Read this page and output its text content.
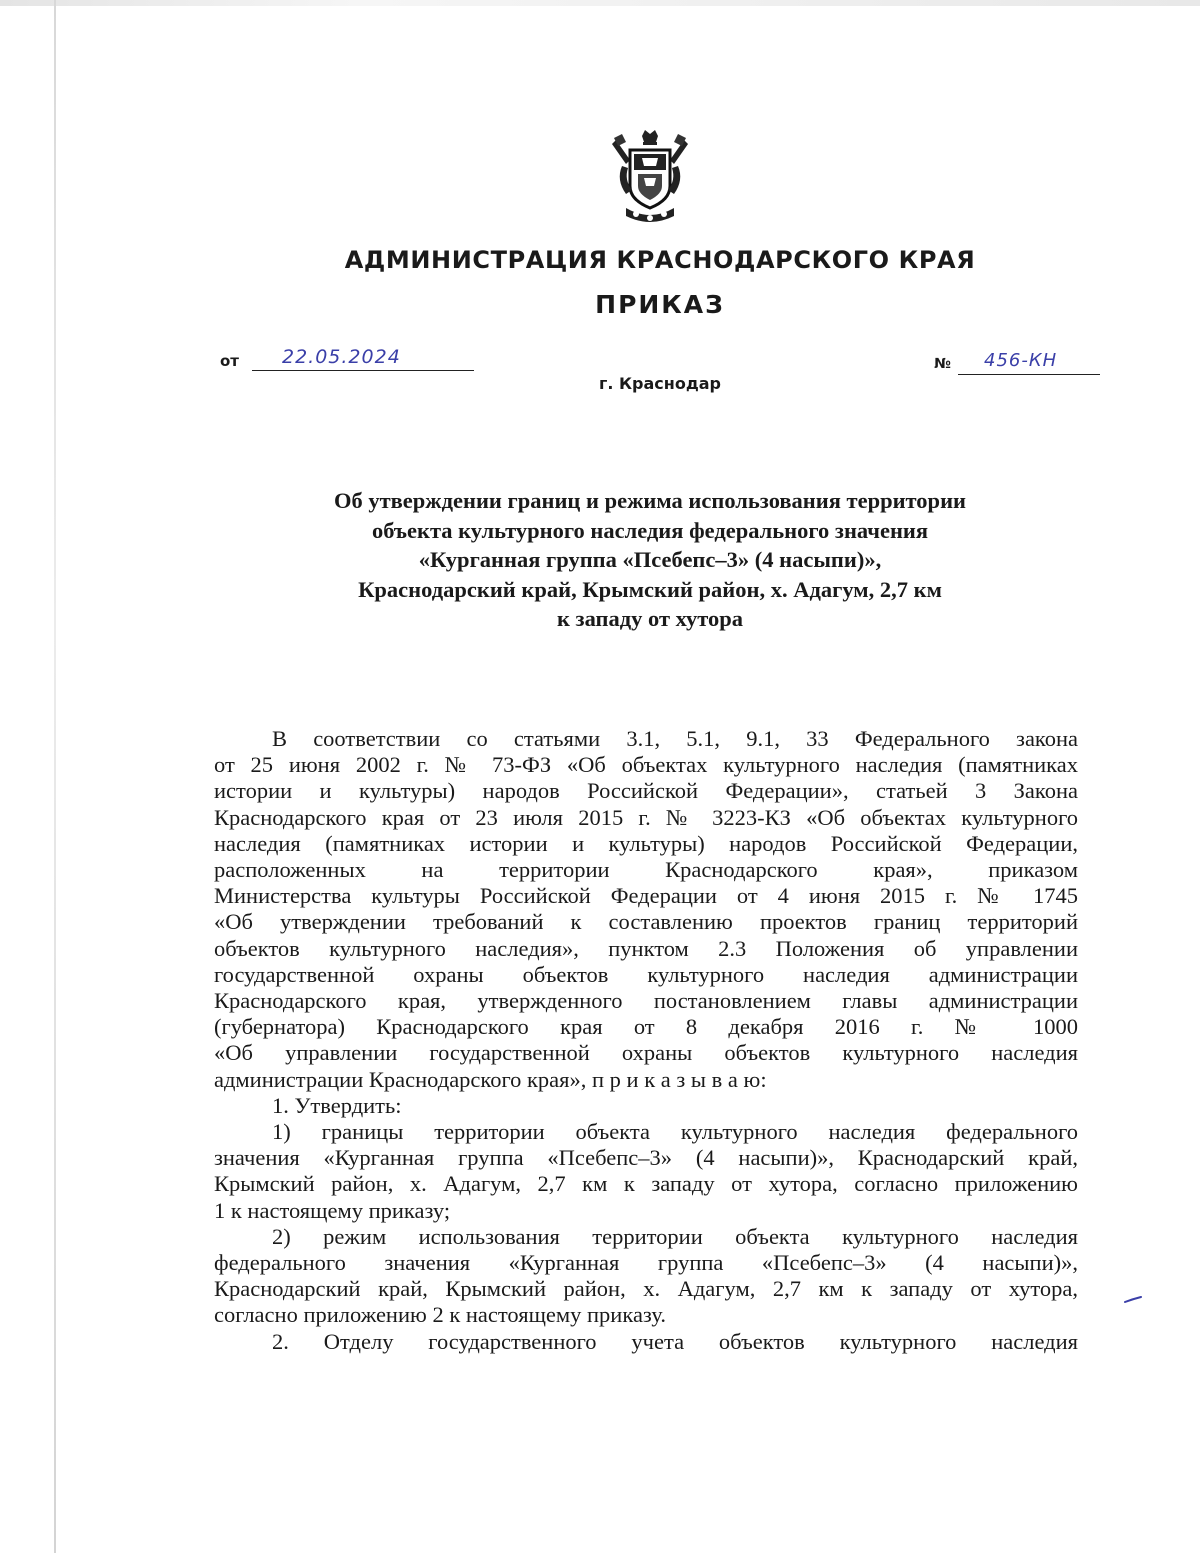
АДМИНИСТРАЦИЯ КРАСНОДАРСКОГО КРАЯ
ПРИКАЗ
от 22.05.2024
г. Краснодар
№ 456-КН
Об утверждении границ и режима использования территории
объекта культурного наследия федерального значения
«Курганная группа «Псебепс–3» (4 насыпи)»,
Краснодарский край, Крымский район, х. Адагум, 2,7 км
к западу от хутора
В соответствии со статьями 3.1, 5.1, 9.1, 33 Федерального закона
от 25 июня 2002 г. № 73-ФЗ «Об объектах культурного наследия (памятниках
истории и культуры) народов Российской Федерации», статьей 3 Закона
Краснодарского края от 23 июля 2015 г. № 3223-КЗ «Об объектах культурного
наследия (памятниках истории и культуры) народов Российской Федерации,
расположенных на территории Краснодарского края», приказом
Министерства культуры Российской Федерации от 4 июня 2015 г. № 1745
«Об утверждении требований к составлению проектов границ территорий
объектов культурного наследия», пунктом 2.3 Положения об управлении
государственной охраны объектов культурного наследия администрации
Краснодарского края, утвержденного постановлением главы администрации
(губернатора) Краснодарского края от 8 декабря 2016 г. № 1000
«Об управлении государственной охраны объектов культурного наследия
администрации Краснодарского края», п р и к а з ы в а ю:
1. Утвердить:
1) границы территории объекта культурного наследия федерального
значения «Курганная группа «Псебепс–3» (4 насыпи)», Краснодарский край,
Крымский район, х. Адагум, 2,7 км к западу от хутора, согласно приложению
1 к настоящему приказу;
2) режим использования территории объекта культурного наследия
федерального значения «Курганная группа «Псебепс–3» (4 насыпи)»,
Краснодарский край, Крымский район, х. Адагум, 2,7 км к западу от хутора,
согласно приложению 2 к настоящему приказу.
2. Отделу государственного учета объектов культурного наследия
